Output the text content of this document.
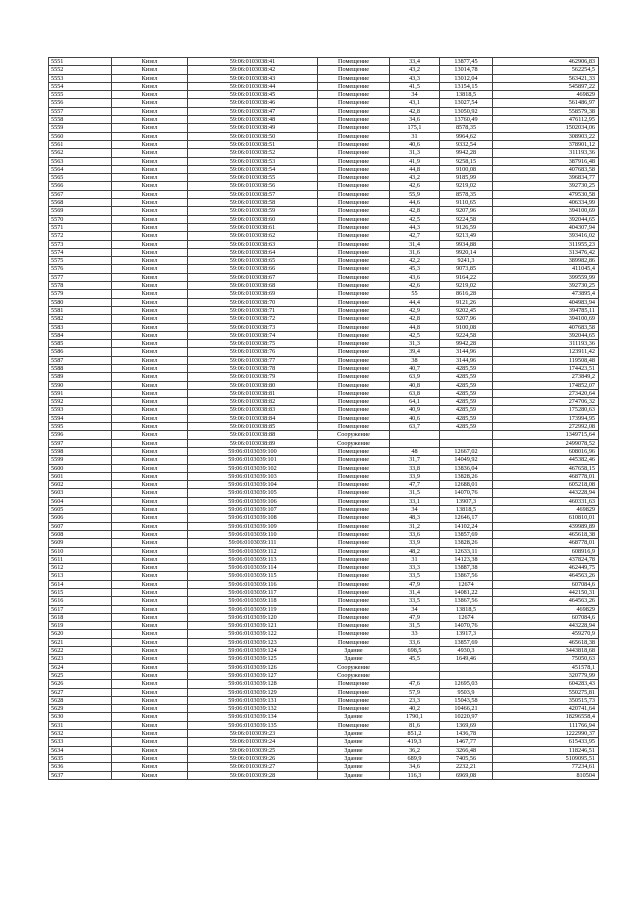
5551	Кизел	59:06:0103038:41	Помещение	33,4	13877,45	462906,83
5552	Кизел	59:06:0103038:42	Помещение	43,2	13014,78	562254,5
5553	Кизел	59:06:0103038:43	Помещение	43,3	13012,04	563421,33
5554	Кизел	59:06:0103038:44	Помещение	41,5	13154,15	545897,22
5555	Кизел	59:06:0103038:45	Помещение	34	13818,5	469829
5556	Кизел	59:06:0103038:46	Помещение	43,1	13027,54	561486,97
5557	Кизел	59:06:0103038:47	Помещение	42,8	13050,92	558579,38
5558	Кизел	59:06:0103038:48	Помещение	34,6	13760,49	476112,95
5559	Кизел	59:06:0103038:49	Помещение	175,1	8578,35	1502034,06
5560	Кизел	59:06:0103038:50	Помещение	31	9964,62	308903,22
5561	Кизел	59:06:0103038:51	Помещение	40,6	9332,54	378901,12
5562	Кизел	59:06:0103038:52	Помещение	31,3	9942,28	311193,36
5563	Кизел	59:06:0103038:53	Помещение	41,9	9258,15	387916,48
5564	Кизел	59:06:0103038:54	Помещение	44,8	9100,08	407683,58
5565	Кизел	59:06:0103038:55	Помещение	43,2	9185,99	396834,77
5566	Кизел	59:06:0103038:56	Помещение	42,6	9219,02	392730,25
5567	Кизел	59:06:0103038:57	Помещение	55,9	8578,35	479530,58
5568	Кизел	59:06:0103038:58	Помещение	44,6	9110,65	406334,99
5569	Кизел	59:06:0103038:59	Помещение	42,8	9207,96	394100,69
5570	Кизел	59:06:0103038:60	Помещение	42,5	9224,58	392044,65
5571	Кизел	59:06:0103038:61	Помещение	44,3	9126,59	404307,94
5572	Кизел	59:06:0103038:62	Помещение	42,7	9213,49	393416,02
5573	Кизел	59:06:0103038:63	Помещение	31,4	9934,88	311955,23
5574	Кизел	59:06:0103038:64	Помещение	31,6	9920,14	313476,42
5575	Кизел	59:06:0103038:65	Помещение	42,2	9241,3	389982,86
5576	Кизел	59:06:0103038:66	Помещение	45,3	9073,85	411045,4
5577	Кизел	59:06:0103038:67	Помещение	43,6	9164,22	399559,99
5578	Кизел	59:06:0103038:68	Помещение	42,6	9219,02	392730,25
5579	Кизел	59:06:0103038:69	Помещение	55	8616,28	473895,4
5580	Кизел	59:06:0103038:70	Помещение	44,4	9121,26	404983,94
5581	Кизел	59:06:0103038:71	Помещение	42,9	9202,45	394785,11
5582	Кизел	59:06:0103038:72	Помещение	42,8	9207,96	394100,69
5583	Кизел	59:06:0103038:73	Помещение	44,8	9100,08	407683,58
5584	Кизел	59:06:0103038:74	Помещение	42,5	9224,58	392044,65
5585	Кизел	59:06:0103038:75	Помещение	31,3	9942,28	311193,36
5586	Кизел	59:06:0103038:76	Помещение	39,4	3144,96	123911,42
5587	Кизел	59:06:0103038:77	Помещение	38	3144,96	119508,48
5588	Кизел	59:06:0103038:78	Помещение	40,7	4285,59	174423,51
5589	Кизел	59:06:0103038:79	Помещение	63,9	4285,59	273849,2
5590	Кизел	59:06:0103038:80	Помещение	40,8	4285,59	174852,07
5591	Кизел	59:06:0103038:81	Помещение	63,8	4285,59	273420,64
5592	Кизел	59:06:0103038:82	Помещение	64,1	4285,59	274706,32
5593	Кизел	59:06:0103038:83	Помещение	40,9	4285,59	175280,63
5594	Кизел	59:06:0103038:84	Помещение	40,6	4285,59	173994,95
5595	Кизел	59:06:0103038:85	Помещение	63,7	4285,59	272992,08
5596	Кизел	59:06:0103038:88	Сооружение			1349715,64
5597	Кизел	59:06:0103038:89	Сооружение			2499078,52
5598	Кизел	59:06:0103039:100	Помещение	48	12667,02	608016,96
5599	Кизел	59:06:0103039:101	Помещение	31,7	14049,92	445382,46
5600	Кизел	59:06:0103039:102	Помещение	33,8	13836,04	467658,15
5601	Кизел	59:06:0103039:103	Помещение	33,9	13828,26	468778,01
5602	Кизел	59:06:0103039:104	Помещение	47,7	12688,01	605218,08
5603	Кизел	59:06:0103039:105	Помещение	31,5	14070,76	443228,94
5604	Кизел	59:06:0103039:106	Помещение	33,1	13907,3	460331,63
5605	Кизел	59:06:0103039:107	Помещение	34	13818,5	469829
5606	Кизел	59:06:0103039:108	Помещение	48,3	12646,17	610810,01
5607	Кизел	59:06:0103039:109	Помещение	31,2	14102,24	439989,89
5608	Кизел	59:06:0103039:110	Помещение	33,6	13857,69	465618,38
5609	Кизел	59:06:0103039:111	Помещение	33,9	13828,26	468778,01
5610	Кизел	59:06:0103039:112	Помещение	48,2	12633,11	608916,9
5611	Кизел	59:06:0103039:113	Помещение	31	14123,38	437824,78
5612	Кизел	59:06:0103039:114	Помещение	33,3	13887,38	462449,75
5613	Кизел	59:06:0103039:115	Помещение	33,5	13867,56	464563,26
5614	Кизел	59:06:0103039:116	Помещение	47,9	12674	607084,6
5615	Кизел	59:06:0103039:117	Помещение	31,4	14081,22	442150,31
5616	Кизел	59:06:0103039:118	Помещение	33,5	13867,56	464563,26
5617	Кизел	59:06:0103039:119	Помещение	34	13818,5	469829
5618	Кизел	59:06:0103039:120	Помещение	47,9	12674	607084,6
5619	Кизел	59:06:0103039:121	Помещение	31,5	14070,76	443228,94
5620	Кизел	59:06:0103039:122	Помещение	33	13917,3	459270,9
5621	Кизел	59:06:0103039:123	Помещение	33,6	13857,69	465618,38
5622	Кизел	59:06:0103039:124	Здание	698,5	4930,3	3443818,68
5623	Кизел	59:06:0103039:125	Здание	45,5	1649,46	75050,63
5624	Кизел	59:06:0103039:126	Сооружение			451578,1
5625	Кизел	59:06:0103039:127	Сооружение			320779,99
5626	Кизел	59:06:0103039:128	Помещение	47,6	12695,03	604283,43
5627	Кизел	59:06:0103039:129	Помещение	57,9	9503,9	550275,81
5628	Кизел	59:06:0103039:131	Помещение	23,3	15043,58	350515,73
5629	Кизел	59:06:0103039:132	Помещение	40,2	10466,21	420741,64
5630	Кизел	59:06:0103039:134	Здание	1790,1	10220,97	18296558,4
5631	Кизел	59:06:0103039:135	Помещение	81,6	1369,69	111766,94
5632	Кизел	59:06:0103039:23	Здание	851,2	1436,78	1222990,37
5633	Кизел	59:06:0103039:24	Здание	419,3	1467,77	615433,95
5634	Кизел	59:06:0103039:25	Здание	36,2	3266,48	118246,51
5635	Кизел	59:06:0103039:26	Здание	689,9	7405,56	5109095,51
5636	Кизел	59:06:0103039:27	Здание	34,6	2232,21	77234,61
5637	Кизел	59:06:0103039:28	Здание	116,3	6969,08	810504
